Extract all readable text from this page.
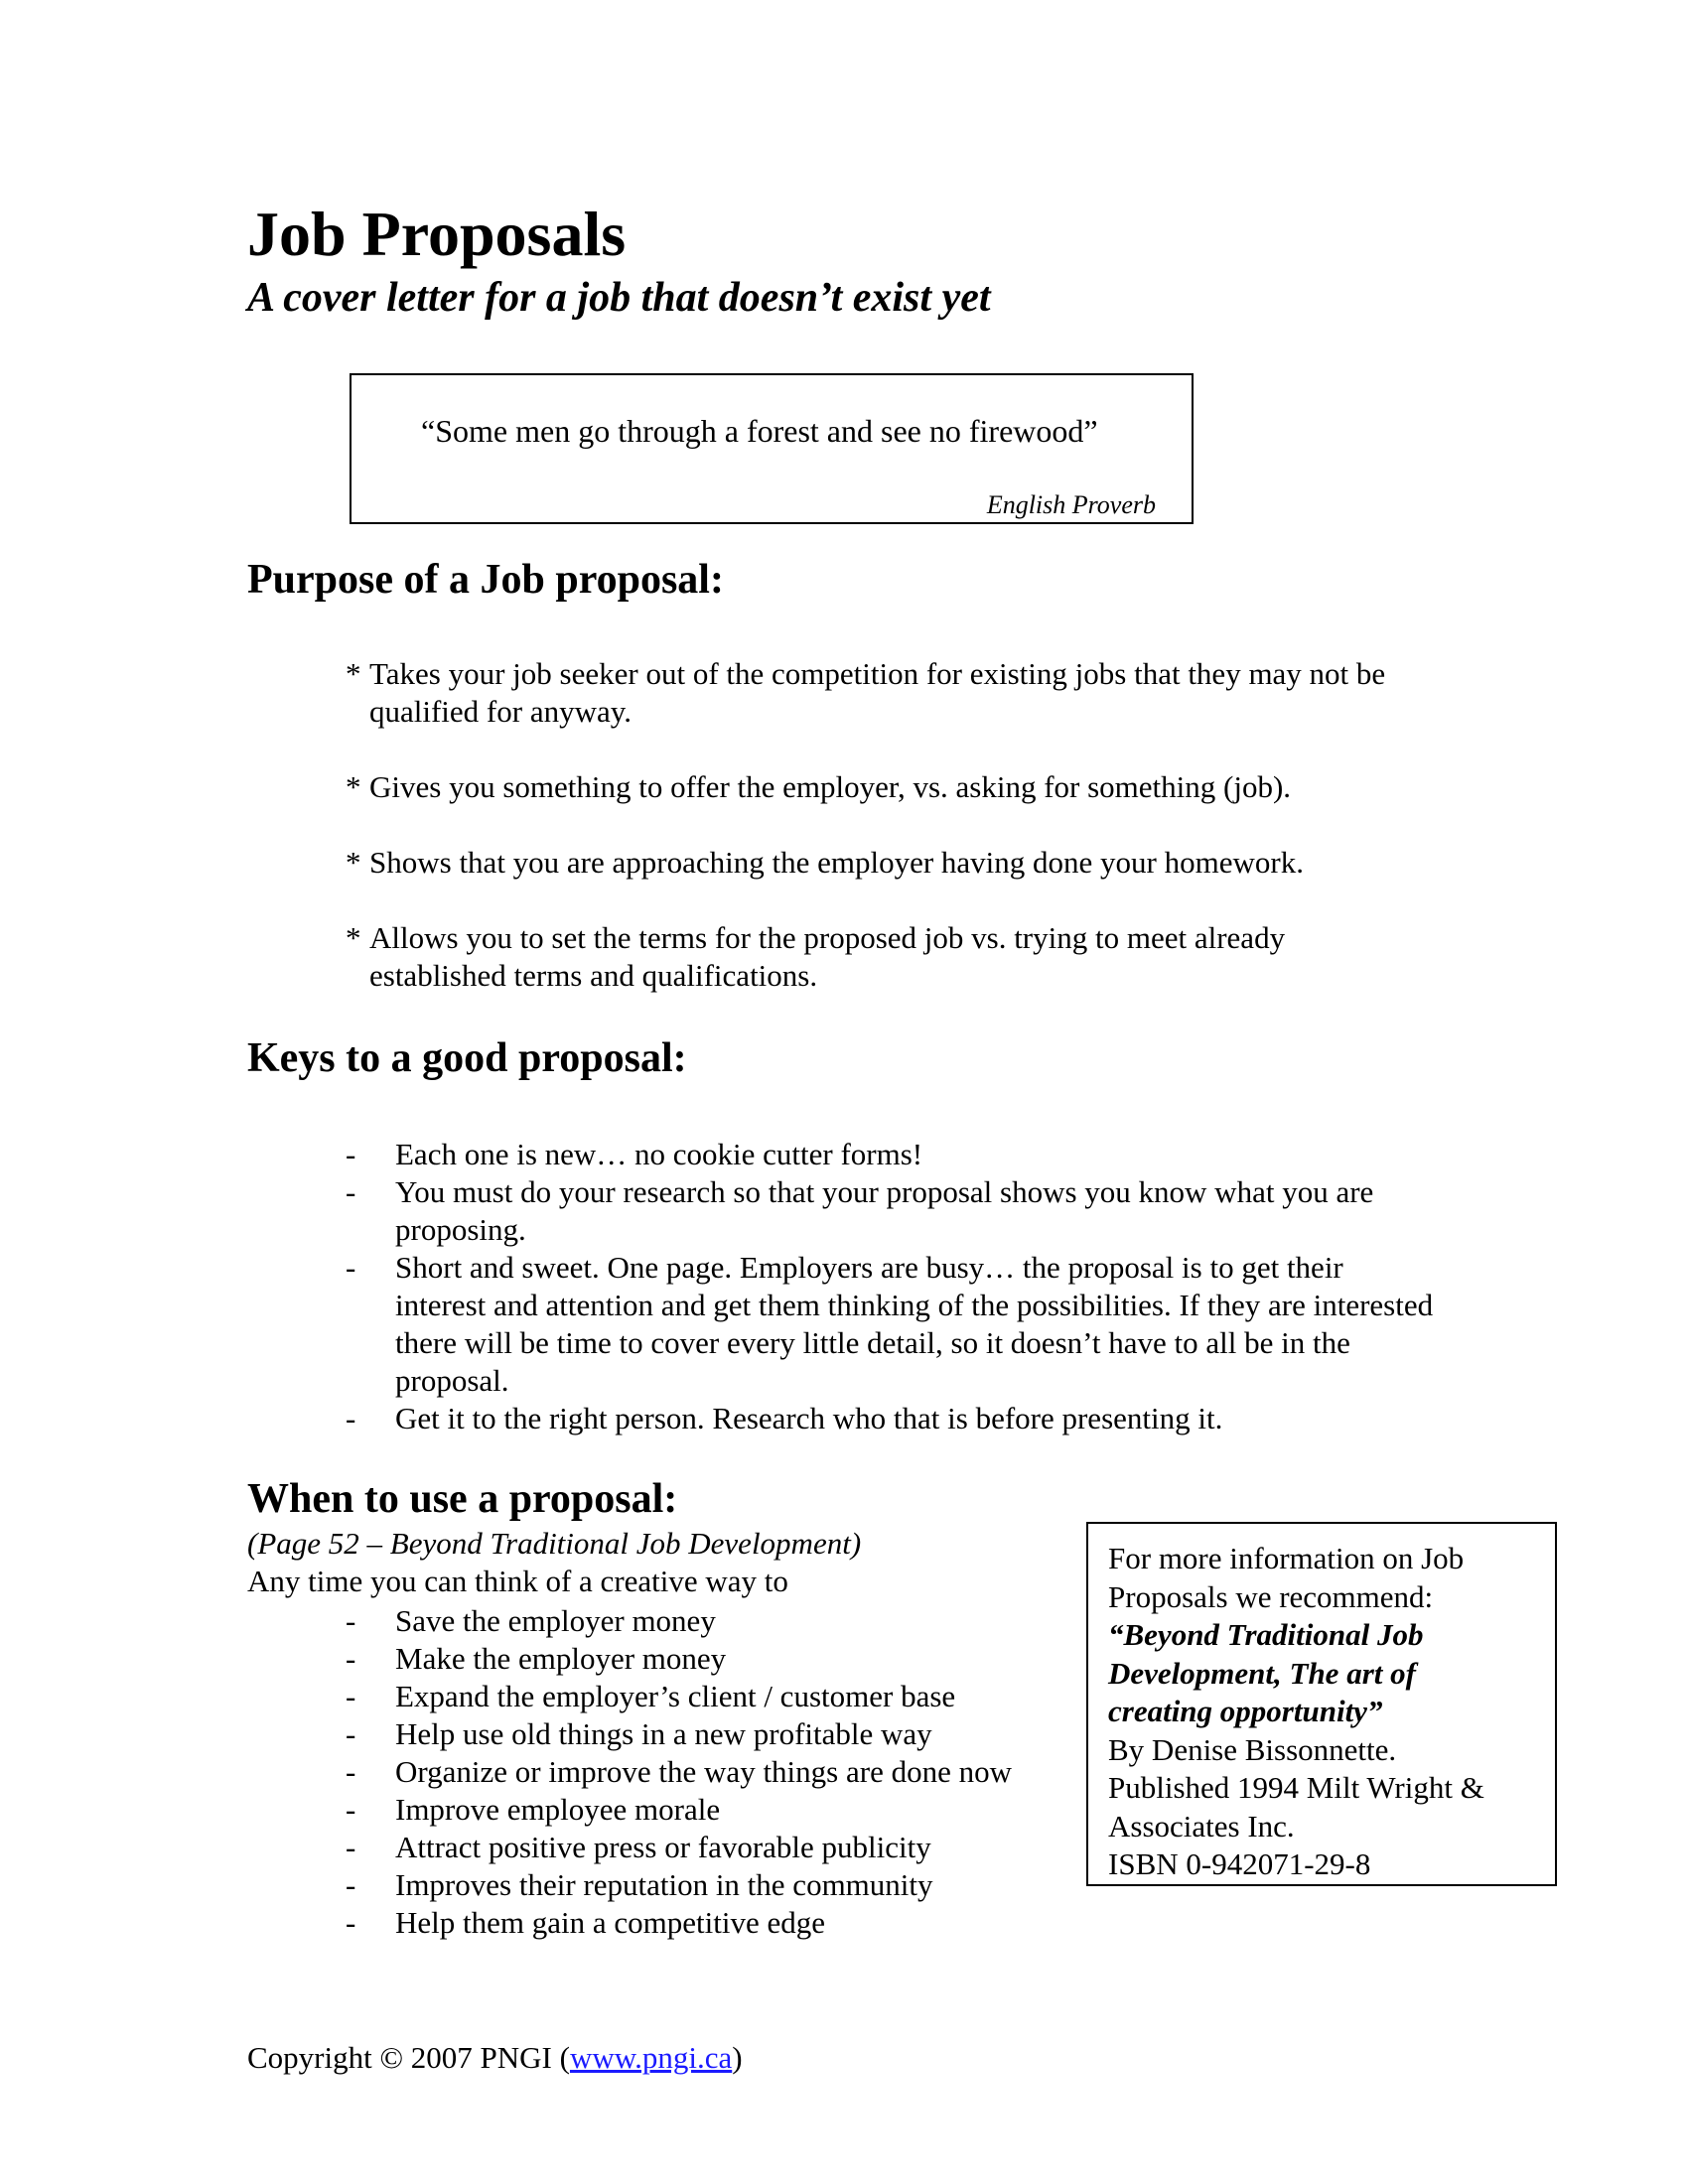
Job Proposals
A cover letter for a job that doesn’t exist yet
“Some men go through a forest and see no firewood”
English Proverb
Purpose of a Job proposal:
* Takes your job seeker out of the competition for existing jobs that they may not be qualified for anyway.
* Gives you something to offer the employer, vs. asking for something (job).
* Shows that you are approaching the employer having done your homework.
* Allows you to set the terms for the proposed job vs. trying to meet already established terms and qualifications.
Keys to a good proposal:
- Each one is new… no cookie cutter forms!
- You must do your research so that your proposal shows you know what you are proposing.
- Short and sweet. One page. Employers are busy… the proposal is to get their interest and attention and get them thinking of the possibilities. If they are interested there will be time to cover every little detail, so it doesn’t have to all be in the proposal.
- Get it to the right person. Research who that is before presenting it.
When to use a proposal:
(Page 52 – Beyond Traditional Job Development)
Any time you can think of a creative way to
- Save the employer money
- Make the employer money
- Expand the employer’s client / customer base
- Help use old things in a new profitable way
- Organize or improve the way things are done now
- Improve employee morale
- Attract positive press or favorable publicity
- Improves their reputation in the community
- Help them gain a competitive edge
For more information on Job
Proposals we recommend:
“Beyond Traditional Job
Development, The art of
creating opportunity”
By Denise Bissonnette.
Published 1994 Milt Wright &
Associates Inc.
ISBN 0-942071-29-8
Copyright © 2007 PNGI (www.pngi.ca)
